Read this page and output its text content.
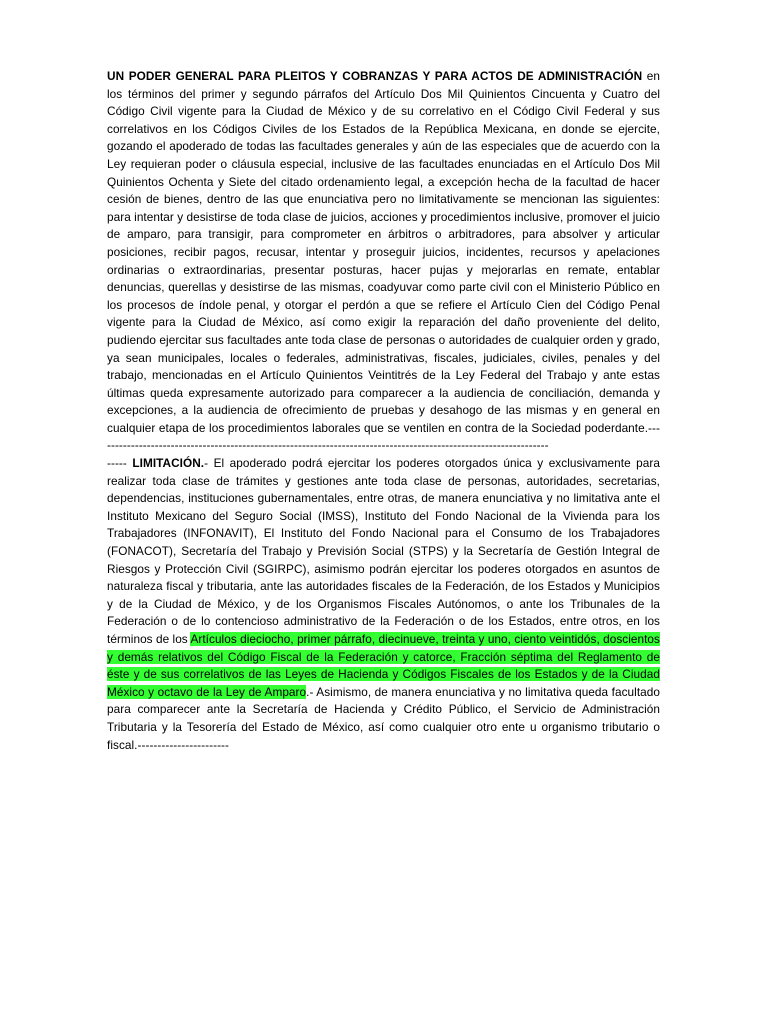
UN PODER GENERAL PARA PLEITOS Y COBRANZAS Y PARA ACTOS DE ADMINISTRACIÓN en los términos del primer y segundo párrafos del Artículo Dos Mil Quinientos Cincuenta y Cuatro del Código Civil vigente para la Ciudad de México y de su correlativo en el Código Civil Federal y sus correlativos en los Códigos Civiles de los Estados de la República Mexicana, en donde se ejercite, gozando el apoderado de todas las facultades generales y aún de las especiales que de acuerdo con la Ley requieran poder o cláusula especial, inclusive de las facultades enunciadas en el Artículo Dos Mil Quinientos Ochenta y Siete del citado ordenamiento legal, a excepción hecha de la facultad de hacer cesión de bienes, dentro de las que enunciativa pero no limitativamente se mencionan las siguientes: para intentar y desistirse de toda clase de juicios, acciones y procedimientos inclusive, promover el juicio de amparo, para transigir, para comprometer en árbitros o arbitradores, para absolver y articular posiciones, recibir pagos, recusar, intentar y proseguir juicios, incidentes, recursos y apelaciones ordinarias o extraordinarias, presentar posturas, hacer pujas y mejorarlas en remate, entablar denuncias, querellas y desistirse de las mismas, coadyuvar como parte civil con el Ministerio Público en los procesos de índole penal, y otorgar el perdón a que se refiere el Artículo Cien del Código Penal vigente para la Ciudad de México, así como exigir la reparación del daño proveniente del delito, pudiendo ejercitar sus facultades ante toda clase de personas o autoridades de cualquier orden y grado, ya sean municipales, locales o federales, administrativas, fiscales, judiciales, civiles, penales y del trabajo, mencionadas en el Artículo Quinientos Veintitrés de la Ley Federal del Trabajo y ante estas últimas queda expresamente autorizado para comparecer a la audiencia de conciliación, demanda y excepciones, a la audiencia de ofrecimiento de pruebas y desahogo de las mismas y en general en cualquier etapa de los procedimientos laborales que se ventilen en contra de la Sociedad poderdante.------------------------------------------------------------------------------------------------------------------

----- LIMITACIÓN.- El apoderado podrá ejercitar los poderes otorgados única y exclusivamente para realizar toda clase de trámites y gestiones ante toda clase de personas, autoridades, secretarias, dependencias, instituciones gubernamentales, entre otras, de manera enunciativa y no limitativa ante el Instituto Mexicano del Seguro Social (IMSS), Instituto del Fondo Nacional de la Vivienda para los Trabajadores (INFONAVIT), El Instituto del Fondo Nacional para el Consumo de los Trabajadores (FONACOT), Secretaría del Trabajo y Previsión Social (STPS) y la Secretaría de Gestión Integral de Riesgos y Protección Civil (SGIRPC), asimismo podrán ejercitar los poderes otorgados en asuntos de naturaleza fiscal y tributaria, ante las autoridades fiscales de la Federación, de los Estados y Municipios y de la Ciudad de México, y de los Organismos Fiscales Autónomos, o ante los Tribunales de la Federación o de lo contencioso administrativo de la Federación o de los Estados, entre otros, en los términos de los Artículos dieciocho, primer párrafo, diecinueve, treinta y uno, ciento veintidós, doscientos y demás relativos del Código Fiscal de la Federación y catorce, Fracción séptima del Reglamento de éste y de sus correlativos de las Leyes de Hacienda y Códigos Fiscales de los Estados y de la Ciudad México y octavo de la Ley de Amparo.- Asimismo, de manera enunciativa y no limitativa queda facultado para comparecer ante la Secretaría de Hacienda y Crédito Público, el Servicio de Administración Tributaria y la Tesorería del Estado de México, así como cualquier otro ente u organismo tributario o fiscal.-----------------------
